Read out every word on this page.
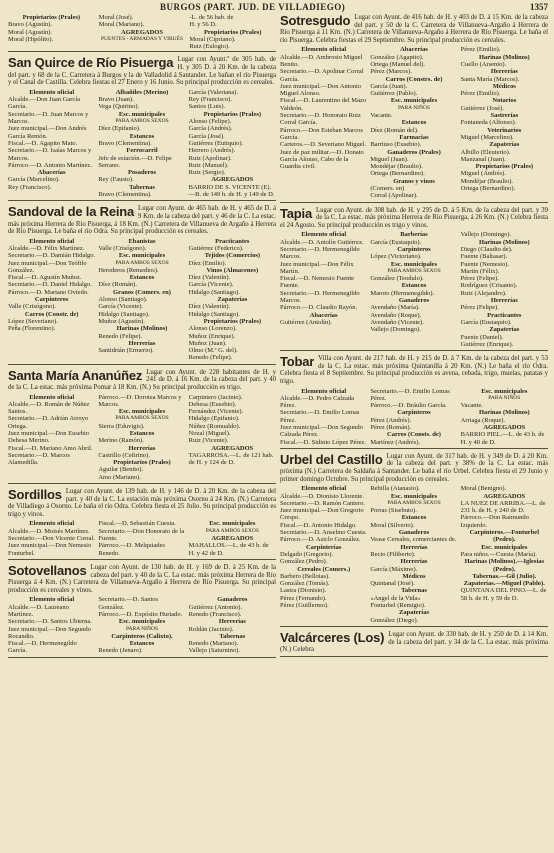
BURGOS (PART. JUD. DE VILLADIEGO)	1357

Propietarios (Prales)

Bravo (Agustín).

Moral (Agustín).

Moral (Hipólito).

Moral (José).

Moral (Mariano).

AGREGADOS

PUENTES - ARMADAS Y VIRUÉS

-L. de 56 hab. de

H. y 56 D.

Propietarios (Prales)

Moral (Cipriano).

Ruiz (Eulogio).

San Quirce de Río Pisuerga Lugar con Ayunt.º de 305 hab. de H. y 305 D. á 20 Km. de la cabeza del part. y 68 de la C. Carretera á Burgos y la de Valladolid á Santander. Le bañan el río Pisuerga y el Canal de Castilla. Celebra fiestas el 27 Enero y 16 Junio. Su principal producción es cereales.

Elemento oficial

Alcalde.—Don Juan García García.

Secretario.—D. Juan Marcos y Marcos.

Juez municipal.—Don Andrés García Remón.

Fiscal.—D. Agapito Mato.

Secretario.—D. Isaías Marcos y Marcos.

Párroco.—D. Antonio Martínez.

Abacerías

García (Marcelino).

Rey (Francisco).

Albañiles (Merino)

Bravo (Juan).

Vega (Quirino).

Esc. municipales

PARA AMBOS SEXOS

Díez (Epifanio).

Estancos

Bravo (Clementina).

Ferrocarril

Jefe de estación.—D. Felipe Serrano.

Posaderos

Rey (Fausto).

Tabernas

Bravo (Clementina).

García (Valeriana).

Rey (Francisco).

Santos (Luis).

Propietarios (Prales)

Alonso (Felipe).

García (Andrés).

García (José).

Gutiérrez (Eutiquio).

Herrero (Andrés).

Ruiz (Apolinar).

Ruiz (Manuel).

Ruiz (Sergio).

AGREGADOS

BARRIO DE S. VICENTE (E).—B. de 149 h. de H. y 149 de D.

Sandoval de la Reina Lugar con Ayunt. de 465 hab. de H. y 465 de D. á 9 Km. de la cabeza del part. y 46 de la C. La estac. más próxima Herrera de Río Pisuerga, á 18 Km. (N.) Carretera de Villanueva de Argaño á Herrera de Río Pisuerga. Le baña el río Odra. Su principal producción es cereales.

Elemento oficial

Alcalde.—D. Félix Martínez.

Secretario.—D. Damián Hidalgo.

Juez municipal.—Don Teófilo González.

Fiscal.—D. Agustín Muñoz.

Secretario.—D. Daniel Hidalgo.

Párroco.—D. Mariano Oviedo.

Carpinteros

Valle (Crisógono).

Carros (Constr. de)

López (Severiano).

Peña (Florentino).

Ebanistas

Valle (Crisógono).

Esc. municipales

PARA AMBOS SEXOS

Herederos (Remedios).

Estancos

Díez (Román).

Granos (Comers. en)

Alonso (Santiago).

García (Vicente).

Hidalgo (Santiago).

Muñoz (Agustín).

Harinas (Molinos)

Renedo (Felipe).

Herrerías

Santidrián (Ermerio).

Practicantes

Gutiérrez (Federico).

Tejidos (Comercios)

Díez (Emilio).

Vinos (Almacenes)

Díez (Valentín).

García (Vicente).

Hidalgo (Santiago).

Zapaterías

Díez (Valentín).

Hidalgo (Santiago).

Propietarios (Prales)

Alonso (Lorenzo).

Muñoz (Enrique).

Muñoz (Juan).

Olmo (M.ª G. del).

Renedo (Felipe).

Santa María Ananúñez Lugar con Ayunt. de 228 habitantes de H. y 241 de D. á 16 Km. de la cabeza del part. y 40 de la C. La estac. más próxima Pomar á 18 Km. (N.) Su principal producción es trigo.

Elemento oficial

Alcalde.—D. Román de Núñez Santos.

Secretario.—D. Adrián Arroyo Ortega.

Juez municipal.—Don Eusebio Dehesa Merino.

Fiscal.—D. Mariano Amo Abril.

Secretario.—D. Marcos Alamedilla.

Párroco.—D. Dorotea Marcos y Marcos.

Esc. municipales

PARA AMBOS SEXOS

Sierra (Eduvigis).

Estancos

Merino (Ramón).

Herrerías

Castrillo (Cefirino).

Propietarios (Prales)

Aguilar (Benito).

Amo (Mariano).

Carpintero (Jacinto).

Dehesa (Eusebio).

Fernández (Vicente).

Hidalgo (Epifanio).

Núñez (Romualdo).

Nozal (Miguel).

Ruiz (Vicente).

AGREGADOS

TAGARROSA.—L. de 121 hab. de H. y 124 de D.

Sordillos Lugar con Ayunt. de 139 hab. de H. y 146 de D. á 20 Km. de la cabeza del part. y 40 de la C. La estación más próxima Osorno á 24 Km. (N.) Carretera de Villadiego á Osorno. Le baña el río Odra. Celebra fiesta el 25 Julio. Su principal producción es trigo y vinos.

Elemento oficial

Alcalde.—D. Moisés Martínez.

Secretario.—Don Vicente Corral.

Juez municipal.—Don Nemesio Fonturbel.

Fiscal.—D. Sebastián Cuesta.

Secretario.—Don Honorato de la Fuente.

Párroco.—D. Melquiades Renedo.

Esc. municipales

PARA AMBOS SEXOS

AGREGADOS

MAHALLOS.—L. de 43 h. de H. y 42 de D.

Sotovellanos Lugar con Ayunt. de 130 hab. de H. y 169 de D. á 25 Km. de la cabeza del part. y 40 de la C. La estac. más próxima Herrera de Río Pisuerga á 4 Km. (N.) Carretera de Villanueva-Argaño á Herrera de Río Pisuerga. Su principal producción es cereales y vinos.

Elemento oficial

Alcalde.—D. Laureano Martínez.

Secretario.—D. Santos Ubierna.

Juez municipal.—Don Segundo Rocandio.

Fiscal.—D. Hermenegildo García.

Secretario.—D. Santos González.

Párroco.—D. Expósito Hurtado.

Esc. municipales

PARA NIÑOS

Carpinteros (Calixto).

Estancos

Renedo (Jenaro).

Ganaderos

Gutiérrez (Antonio).

Renedo (Francisco).

Herrerías

Roldán (Jacinto).

Tabernas

Renedo (Mariano).

Vallejo (Saturnino).

Sotresgudo Lugar con Ayunt. de 416 hab. de H. y 403 de D. á 15 Km. de la cabeza del part. y 50 de la C. Carretera de Villanueva-Argaño á Herrera de Río Pisuerga á 11 Km. (N.) Carretera de Villanueva-Argaño á Herrera de Río Pisuerga. Le baña el río Pisuerga. Celebra fiestas el 29 Septiembre. Su principal producción es cereales.

Elemento oficial

Alcalde.—D. Ambrosio Miguel Benito.

Secretario.—D. Apolinar Corral García.

Juez municipal.—Don Antonio Miguel Alonso.

Fiscal.—D. Laurentino del Mazo Valdeón.

Secretario.—D. Honorato Ruiz Corral García.

Párroco.—Don Esteban Marcos García.

Carteros.—D. Severiano Miguel.

Juez de paz militar.—D. Donato García Alonso, Cabo de la Guardia civil.

Abacerías

González (Agapito).

Ortega (Manuel del).

Pérez (Marcos).

Carros (Constrs. de)

García (Juan).

Gutiérrez (Pablo).

Esc. municipales

PARA NIÑOS

Vacante.

Estancos

Díez (Román del).

Farmacias

Barriuso (Eusebio).

Ganaderos (Prales)

Miguel (Juan).

Mondéjar (Braulio).

Ortega (Bernardino).

Granos y vinos

(Comers. en)

Corral (Apolinar).

Pérez (Emilio).

Harinas (Molinos)

Cuello (Arsenio).

Herrerías

Santa María (Marcos).

Médicos

Pérez (Emilio).

Notarios

Gutiérrez (José).

Sastrerías

Fontaneda (Alfonso).

Veterinarios

Miguel (Marcelino).

Zapaterías

Albillo (Eleuterio).

Manzanal (Juan).

Propietarios (Prales)

Miguel (Andrés).

Mondéjar (Braulio).

Ortega (Bernardino).

Tapia Lugar con Ayunt. de 308 hab. de H. y 295 de D. á 5 Km. de la cabeza del part. y 39 de la C. La estac. más próxima Herrera de Río Pisuerga, á 26 Km. (N.) Celebra fiesta el 24 Agosto. Su principal producción es trigo y vinos.

Elemento oficial

Alcalde.—D. Antolín Gutiérrez.

Secretario.—D. Hermenegildo Marcos.

Juez municipal.—Don Félix Martín.

Fiscal.—D. Nemesio Fuente Fuente.

Secretario.—D. Hermenegildo Marcos.

Párroco.—D. Claudio Rayón.

Abacerías

Gutiérrez (Antolín).

Barberías

García (Eustaquio).

Carpinteros

López (Victoriano).

Esc. municipales

PARA AMBOS SEXOS

González (Teodulo).

Estancos

Maroto (Hermenegildo).

Ganaderos

Avendaño (María).

Avendaño (Roque).

Avendaño (Vicente).

Vallejo (Domingo).

Vallejo (Domingo).

Harinas (Molinos)

Diego (Claudio de).

Fuente (Baltasar).

Fuente (Nemesio).

Martín (Félix).

Pérez (Felipe).

Rodríguez (Crisanto).

Ruiz (Alejandro).

Herrerías

Pérez (Felipe).

Practicantes

García (Eustaquio).

Zapaterías

Fuente (Daniel).

Gutiérrez (Enrique).

Tobar Villa con Ayunt. de 217 hab. de H. y 215 de D. á 7 Km. de la cabeza del part. y 53 de la C. La estac. más próxima Quintanilla á 20 Km. (N.) Le baña el río Odra. Celebra fiesta el 8 Septiembre. Su principal producción es avena, cebada, trigo, muelas, patatas y trigo.

Elemento oficial

Alcalde.—D. Pedro Calzada Pérez.

Secretario.—D. Emilio Lomas Pérez.

Juez municipal.—Don Segundo Calzada Pérez.

Fiscal.—D. Sidinio López Pérez.

Secretario.—D. Emilio Lomas Pérez.

Párroco.—D. Bráulio García.

Carpinteros

Pérez (Andrés).

Pérez (Román).

Carros (Consts. de)

Martínez (Andrés).

Esc. municipales

PARA NIÑOS

Vacante.

Harinas (Molinos)

Arriaga (Roque).

AGREGADOS

BARRIO PIEL.—L. de 43 h. de H. y 40 de D.

Urbel del Castillo Lugar con Ayunt. de 317 hab. de H. y 349 de D. á 20 Km. de la cabeza del part. y 38% de la C. La estac. más próxima (N.) Carretera de Saldaña á Santander. Le baña el río Urbel. Celebra fiesta el 29 Junio y primer domingo Octubre. Su principal producción es cereales.

Elemento oficial

Alcalde.—D. Dionisio Llorente.

Secretario.—D. Ramón Cantero.

Juez municipal.—Don Gregorio Crespo.

Fiscal.—D. Antonio Hidalgo.

Secretario.—D. Anselmo Cuesta.

Párroco.—D. Asiclo González.

Carpinterías

Delgado (Gregorio).

González (Pedro).

Cereales (Comers.)

Barbero (Bellotas).

González (Tomás).

Lastra (Dionisio).

Pérez (Fernando).

Pérez (Guillermo).

Rebilla (Atanasio).

Esc. municipales

PARA AMBOS SEXOS

Porras (Sisebuto).

Estancos

Moral (Silverio).

Ganaderos

Vease Cereales, comerciantes de.

Herrerías

Recio (Filiberto).

Herrerías

García (Máximo).

Médicos

Quintanal (José).

Tabernas

«Angel de la Vida»

Fonturbel (Remigio).

Zapaterías

González (Diego).

Moral (Benigno).

AGREGADOS

LA NUEZ DE ARRIBA.—L. de 231 h. de H. y 240 de D.

Párroco.—Don Raimundo Izquierdo.

Carpinteros.—Fonturbel (Pedro).

Esc. municipales

Para niños.—Cuesta (María).

Harinas (Molinos).—Iglesias (Pedro).

Tabernas.—Gil (Julio).

Zapaterías.—Miguel (Pablo).

QUINTANA DEL PINO.—L. de 58 h. de H. y 59 de D.

Valcárceres (Los) Lugar con Ayunt. de 330 hab. de H. y 250 de D. á 14 Km. de la cabeza del part. y 34 de la C. La estac. más próxima (N.) Celebra
